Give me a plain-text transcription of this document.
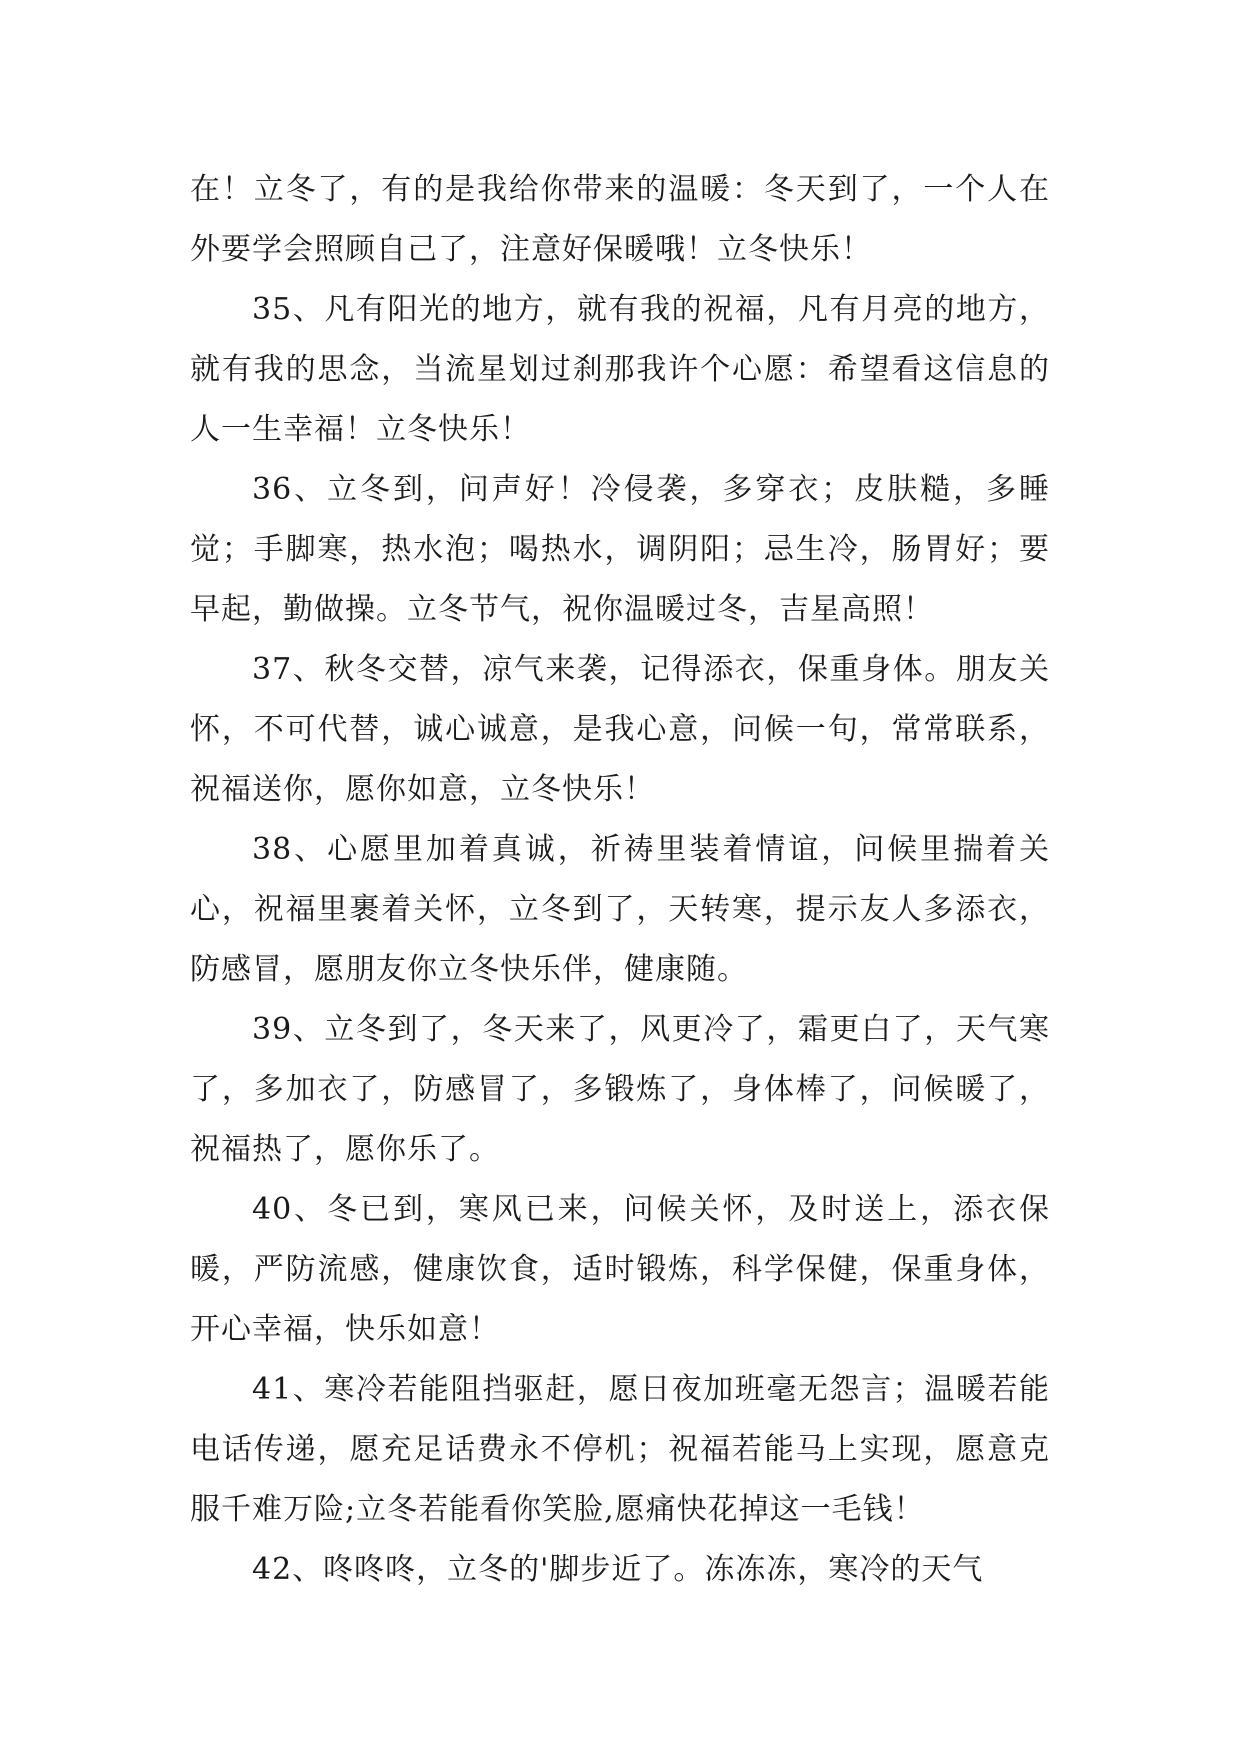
在！立冬了，有的是我给你带来的温暖：冬天到了，一个人在外要学会照顾自己了，注意好保暖哦！立冬快乐！

35、凡有阳光的地方，就有我的祝福，凡有月亮的地方，就有我的思念，当流星划过刹那我许个心愿：希望看这信息的人一生幸福！立冬快乐！

36、立冬到，问声好！冷侵袭，多穿衣；皮肤糙，多睡觉；手脚寒，热水泡；喝热水，调阴阳；忌生冷，肠胃好；要早起，勤做操。立冬节气，祝你温暖过冬，吉星高照！

37、秋冬交替，凉气来袭，记得添衣，保重身体。朋友关怀，不可代替，诚心诚意，是我心意，问候一句，常常联系，祝福送你，愿你如意，立冬快乐！

38、心愿里加着真诚，祈祷里装着情谊，问候里揣着关心，祝福里裹着关怀，立冬到了，天转寒，提示友人多添衣，防感冒，愿朋友你立冬快乐伴，健康随。

39、立冬到了，冬天来了，风更冷了，霜更白了，天气寒了，多加衣了，防感冒了，多锻炼了，身体棒了，问候暖了，祝福热了，愿你乐了。

40、冬已到，寒风已来，问候关怀，及时送上，添衣保暖，严防流感，健康饮食，适时锻炼，科学保健，保重身体，开心幸福，快乐如意！

41、寒冷若能阻挡驱赶，愿日夜加班毫无怨言；温暖若能电话传递，愿充足话费永不停机；祝福若能马上实现，愿意克服千难万险;立冬若能看你笑脸,愿痛快花掉这一毛钱！

42、咚咚咚，立冬的'脚步近了。冻冻冻，寒冷的天气
